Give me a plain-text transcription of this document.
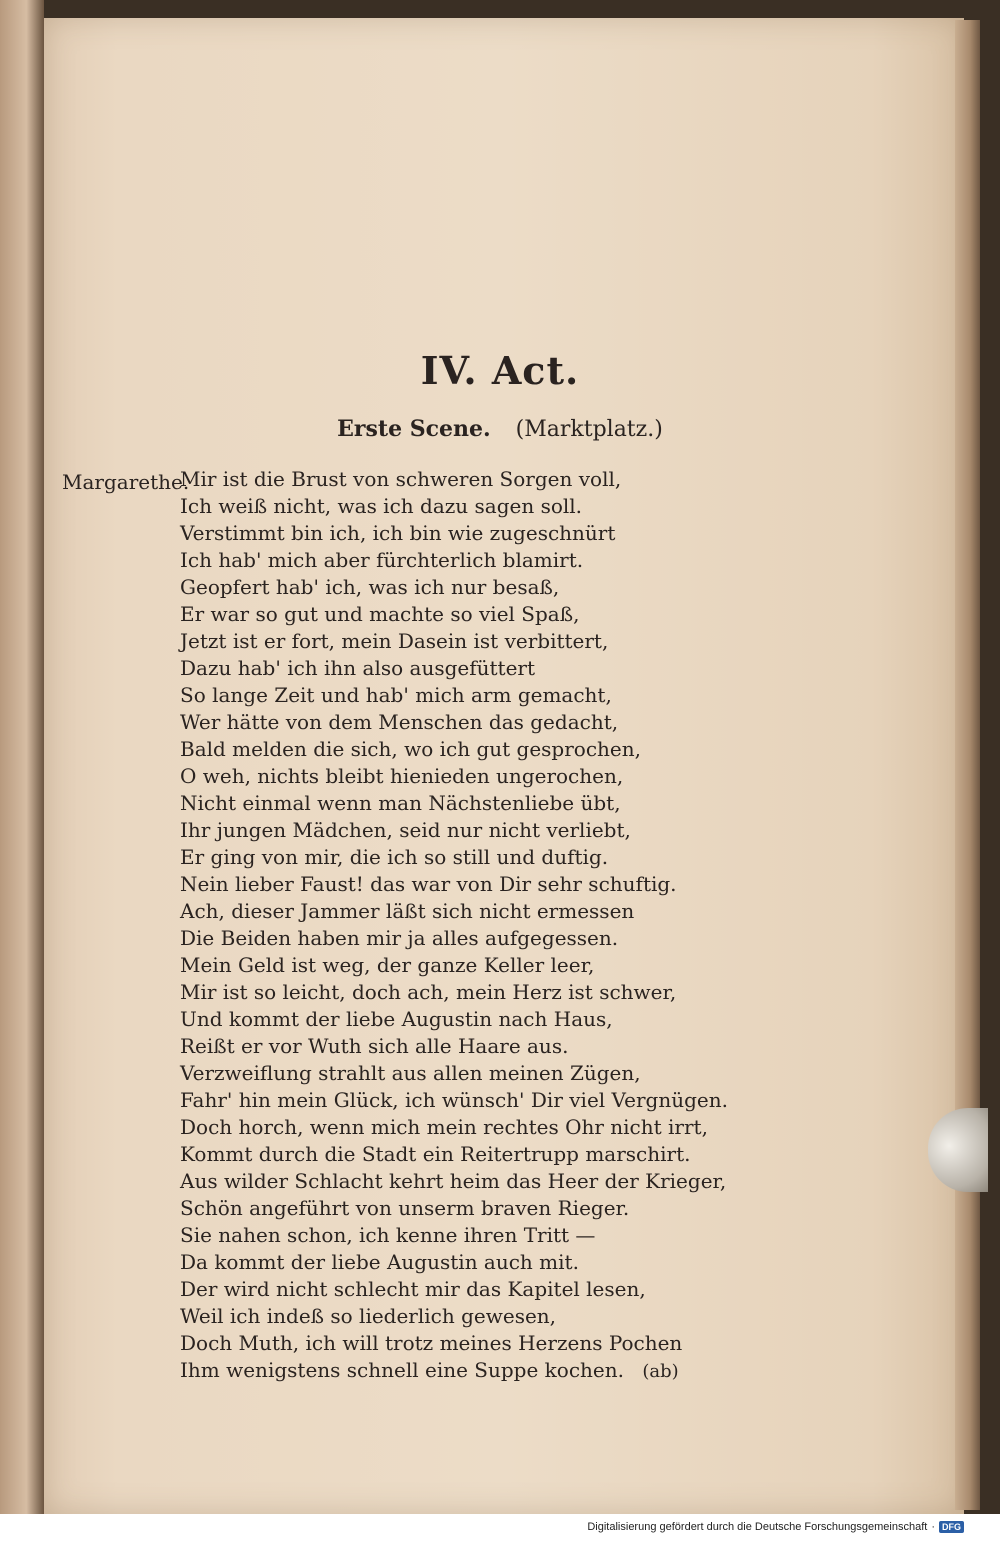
IV. Act.
Erste Scene. (Marktplatz.)
Margarethe.
Mir ist die Brust von schweren Sorgen voll,
Ich weiß nicht, was ich dazu sagen soll.
Verstimmt bin ich, ich bin wie zugeschnürt
Ich hab' mich aber fürchterlich blamirt.
Geopfert hab' ich, was ich nur besaß,
Er war so gut und machte so viel Spaß,
Jetzt ist er fort, mein Dasein ist verbittert,
Dazu hab' ich ihn also ausgefüttert
So lange Zeit und hab' mich arm gemacht,
Wer hätte von dem Menschen das gedacht,
Bald melden die sich, wo ich gut gesprochen,
O weh, nichts bleibt hienieden ungerochen,
Nicht einmal wenn man Nächstenliebe übt,
Ihr jungen Mädchen, seid nur nicht verliebt,
Er ging von mir, die ich so still und duftig.
Nein lieber Faust! das war von Dir sehr schuftig.
Ach, dieser Jammer läßt sich nicht ermessen
Die Beiden haben mir ja alles aufgegessen.
Mein Geld ist weg, der ganze Keller leer,
Mir ist so leicht, doch ach, mein Herz ist schwer,
Und kommt der liebe Augustin nach Haus,
Reißt er vor Wuth sich alle Haare aus.
Verzweiflung strahlt aus allen meinen Zügen,
Fahr' hin mein Glück, ich wünsch' Dir viel Vergnügen.
Doch horch, wenn mich mein rechtes Ohr nicht irrt,
Kommt durch die Stadt ein Reitertrupp marschirt.
Aus wilder Schlacht kehrt heim das Heer der Krieger,
Schön angeführt von unserm braven Rieger.
Sie nahen schon, ich kenne ihren Tritt —
Da kommt der liebe Augustin auch mit.
Der wird nicht schlecht mir das Kapitel lesen,
Weil ich indeß so liederlich gewesen,
Doch Muth, ich will trotz meines Herzens Pochen
Ihm wenigstens schnell eine Suppe kochen. (ab)
Digitalisierung gefördert durch die Deutsche Forschungsgemeinschaft · DFG
